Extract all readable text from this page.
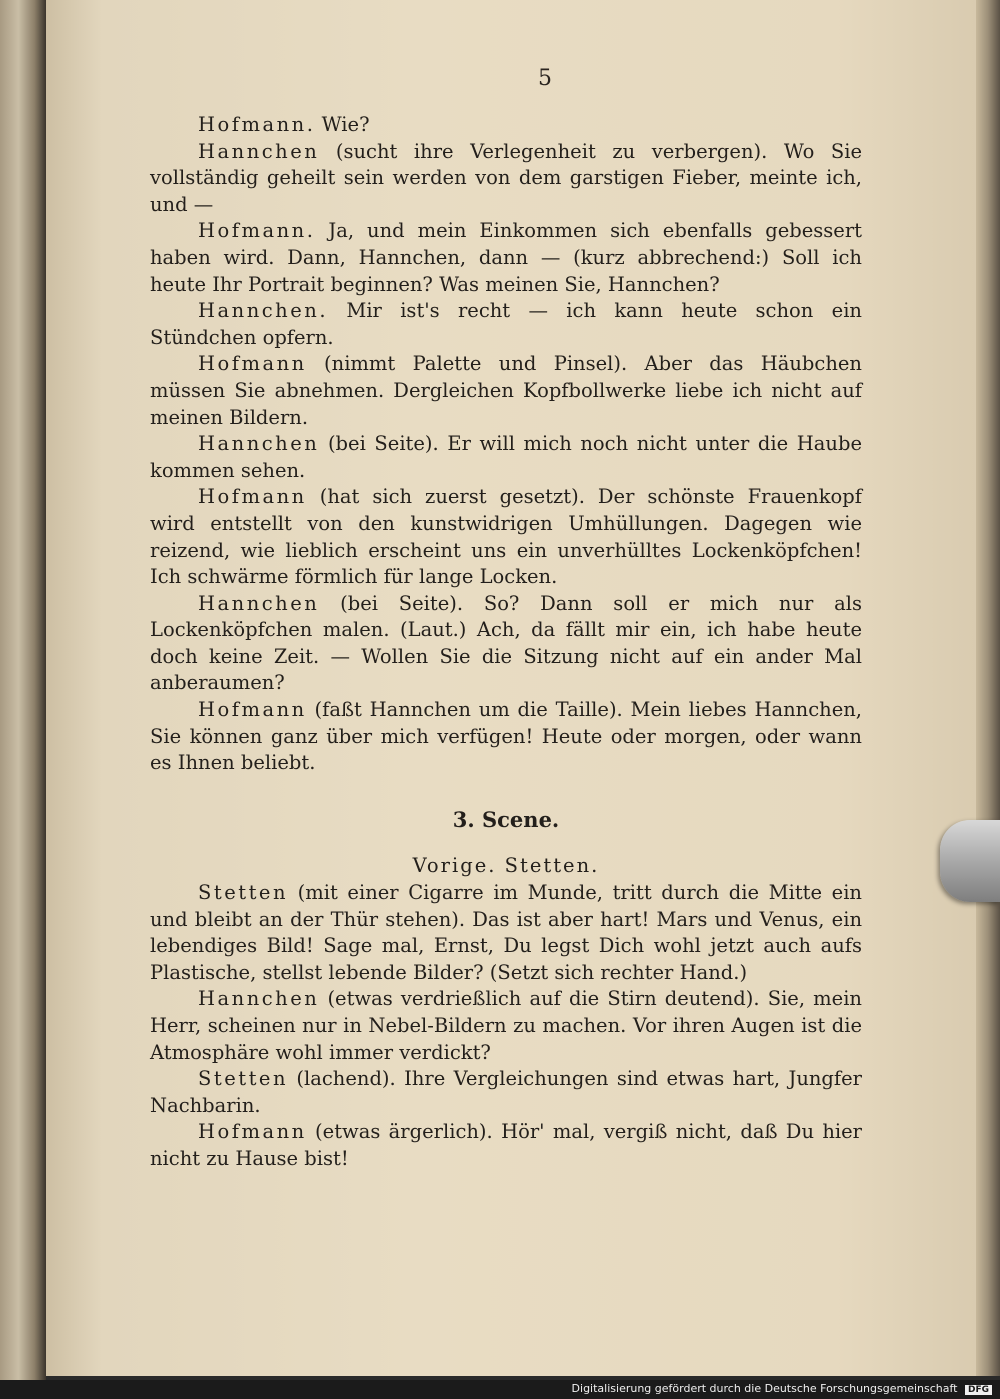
5

Hofmann. Wie?

Hannchen (sucht ihre Verlegenheit zu verbergen). Wo Sie vollständig geheilt sein werden von dem garstigen Fieber, meinte ich, und —

Hofmann. Ja, und mein Einkommen sich ebenfalls gebessert haben wird. Dann, Hannchen, dann — (kurz abbrechend:) Soll ich heute Ihr Portrait beginnen? Was meinen Sie, Hannchen?

Hannchen. Mir ist's recht — ich kann heute schon ein Stündchen opfern.

Hofmann (nimmt Palette und Pinsel). Aber das Häubchen müssen Sie abnehmen. Dergleichen Kopfbollwerke liebe ich nicht auf meinen Bildern.

Hannchen (bei Seite). Er will mich noch nicht unter die Haube kommen sehen.

Hofmann (hat sich zuerst gesetzt). Der schönste Frauenkopf wird entstellt von den kunstwidrigen Umhüllungen. Dagegen wie reizend, wie lieblich erscheint uns ein unverhülltes Lockenköpfchen! Ich schwärme förmlich für lange Locken.

Hannchen (bei Seite). So? Dann soll er mich nur als Lockenköpfchen malen. (Laut.) Ach, da fällt mir ein, ich habe heute doch keine Zeit. — Wollen Sie die Sitzung nicht auf ein ander Mal anberaumen?

Hofmann (faßt Hannchen um die Taille). Mein liebes Hannchen, Sie können ganz über mich verfügen! Heute oder morgen, oder wann es Ihnen beliebt.

3. Scene.

Vorige. Stetten.

Stetten (mit einer Cigarre im Munde, tritt durch die Mitte ein und bleibt an der Thür stehen). Das ist aber hart! Mars und Venus, ein lebendiges Bild! Sage mal, Ernst, Du legst Dich wohl jetzt auch aufs Plastische, stellst lebende Bilder? (Setzt sich rechter Hand.)

Hannchen (etwas verdrießlich auf die Stirn deutend). Sie, mein Herr, scheinen nur in Nebel-Bildern zu machen. Vor ihren Augen ist die Atmosphäre wohl immer verdickt?

Stetten (lachend). Ihre Vergleichungen sind etwas hart, Jungfer Nachbarin.

Hofmann (etwas ärgerlich). Hör' mal, vergiß nicht, daß Du hier nicht zu Hause bist!

Digitalisierung gefördert durch die Deutsche Forschungsgemeinschaft DFG
